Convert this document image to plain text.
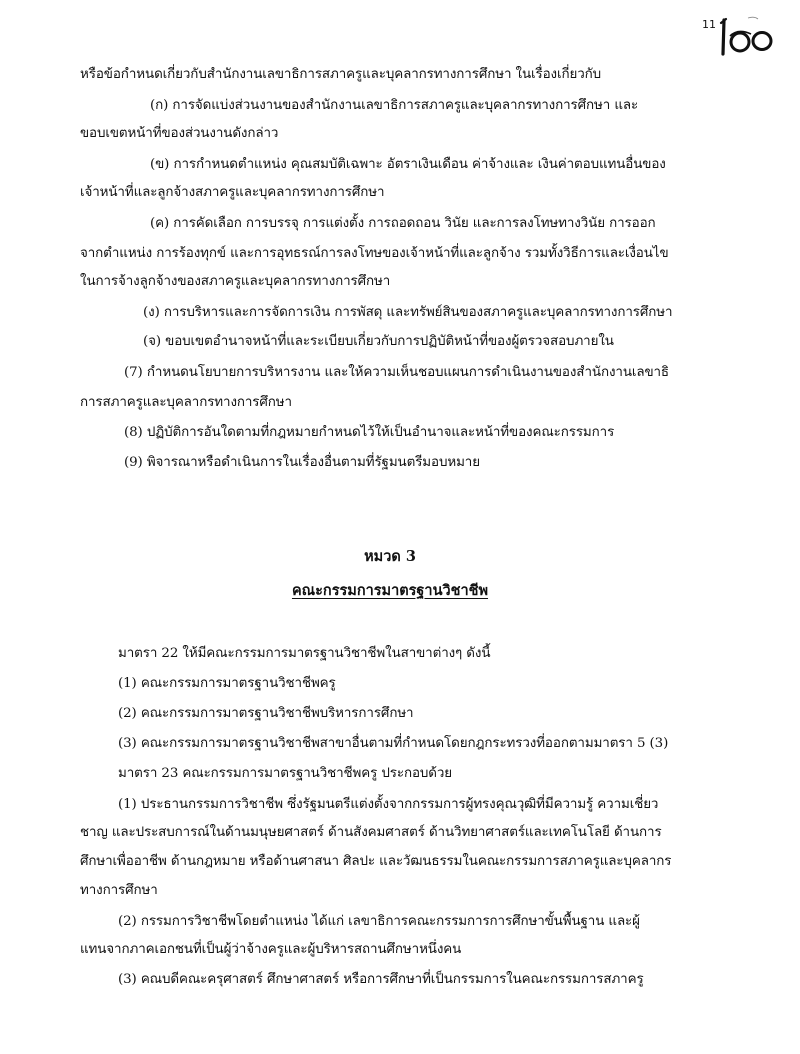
11
หรือข้อกำหนดเกี่ยวกับสำนักงานเลขาธิการสภาครูและบุคลากรทางการศึกษา ในเรื่องเกี่ยวกับ
(ก) การจัดแบ่งส่วนงานของสำนักงานเลขาธิการสภาครูและบุคลากรทางการศึกษา และ
ขอบเขตหน้าที่ของส่วนงานดังกล่าว
(ข) การกำหนดตำแหน่ง คุณสมบัติเฉพาะ อัตราเงินเดือน ค่าจ้างและ เงินค่าตอบแทนอื่นของ
เจ้าหน้าที่และลูกจ้างสภาครูและบุคลากรทางการศึกษา
(ค) การคัดเลือก การบรรจุ การแต่งตั้ง การถอดถอน วินัย และการลงโทษทางวินัย การออก
จากตำแหน่ง การร้องทุกข์ และการอุทธรณ์การลงโทษของเจ้าหน้าที่และลูกจ้าง รวมทั้งวิธีการและเงื่อนไข
ในการจ้างลูกจ้างของสภาครูและบุคลากรทางการศึกษา
(ง) การบริหารและการจัดการเงิน การพัสดุ และทรัพย์สินของสภาครูและบุคลากรทางการศึกษา
(จ) ขอบเขตอำนาจหน้าที่และระเบียบเกี่ยวกับการปฏิบัติหน้าที่ของผู้ตรวจสอบภายใน
(7) กำหนดนโยบายการบริหารงาน และให้ความเห็นชอบแผนการดำเนินงานของสำนักงานเลขาธิ
การสภาครูและบุคลากรทางการศึกษา
(8) ปฏิบัติการอันใดตามที่กฎหมายกำหนดไว้ให้เป็นอำนาจและหน้าที่ของคณะกรรมการ
(9) พิจารณาหรือดำเนินการในเรื่องอื่นตามที่รัฐมนตรีมอบหมาย
หมวด 3
คณะกรรมการมาตรฐานวิชาชีพ
มาตรา 22 ให้มีคณะกรรมการมาตรฐานวิชาชีพในสาขาต่างๆ ดังนี้
(1) คณะกรรมการมาตรฐานวิชาชีพครู
(2) คณะกรรมการมาตรฐานวิชาชีพบริหารการศึกษา
(3) คณะกรรมการมาตรฐานวิชาชีพสาขาอื่นตามที่กำหนดโดยกฎกระทรวงที่ออกตามมาตรา 5 (3)
มาตรา 23 คณะกรรมการมาตรฐานวิชาชีพครู ประกอบด้วย
(1) ประธานกรรมการวิชาชีพ ซึ่งรัฐมนตรีแต่งตั้งจากกรรมการผู้ทรงคุณวุฒิที่มีความรู้ ความเชี่ยว
ชาญ และประสบการณ์ในด้านมนุษยศาสตร์ ด้านสังคมศาสตร์ ด้านวิทยาศาสตร์และเทคโนโลยี ด้านการ
ศึกษาเพื่ออาชีพ ด้านกฎหมาย หรือด้านศาสนา ศิลปะ และวัฒนธรรมในคณะกรรมการสภาครูและบุคลากร
ทางการศึกษา
(2) กรรมการวิชาชีพโดยตำแหน่ง ได้แก่ เลขาธิการคณะกรรมการการศึกษาขั้นพื้นฐาน และผู้
แทนจากภาคเอกชนที่เป็นผู้ว่าจ้างครูและผู้บริหารสถานศึกษาหนึ่งคน
(3) คณบดีคณะครุศาสตร์ ศึกษาศาสตร์ หรือการศึกษาที่เป็นกรรมการในคณะกรรมการสภาครู
